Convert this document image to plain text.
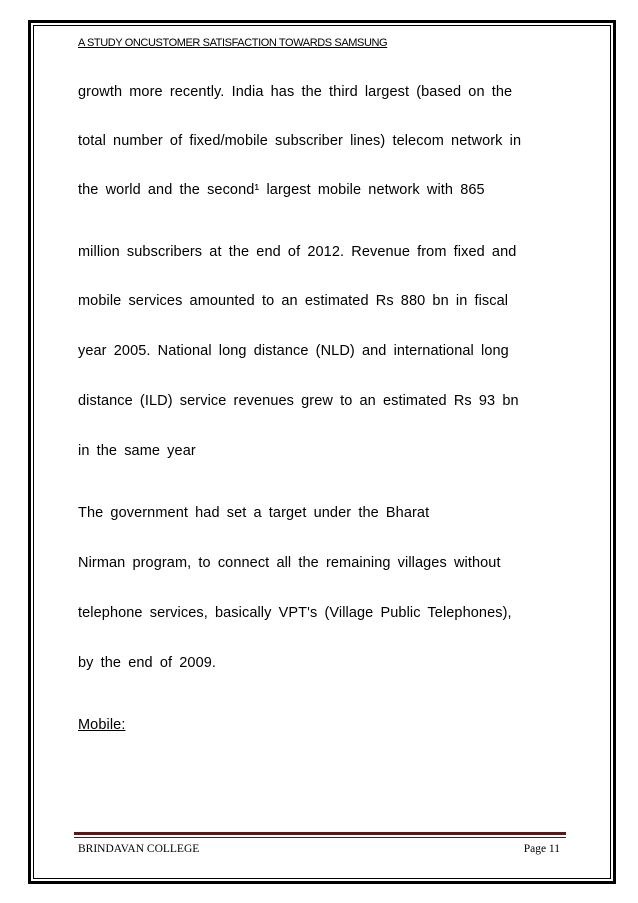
A STUDY ONCUSTOMER SATISFACTION TOWARDS SAMSUNG
growth more recently. India has the third largest (based on the
total number of fixed/mobile subscriber lines) telecom network in
the world and the second¹ largest mobile network with 865
million subscribers at the end of 2012. Revenue from fixed and
mobile services amounted to an estimated Rs 880 bn in fiscal
year 2005. National long distance (NLD) and international long
distance (ILD) service revenues grew to an estimated Rs 93 bn
in the same year
The government had set a target under the Bharat
Nirman program, to connect all the remaining villages without
telephone services, basically VPT's (Village Public Telephones),
by the end of 2009.
Mobile:
BRINDAVAN COLLEGE	Page 11
